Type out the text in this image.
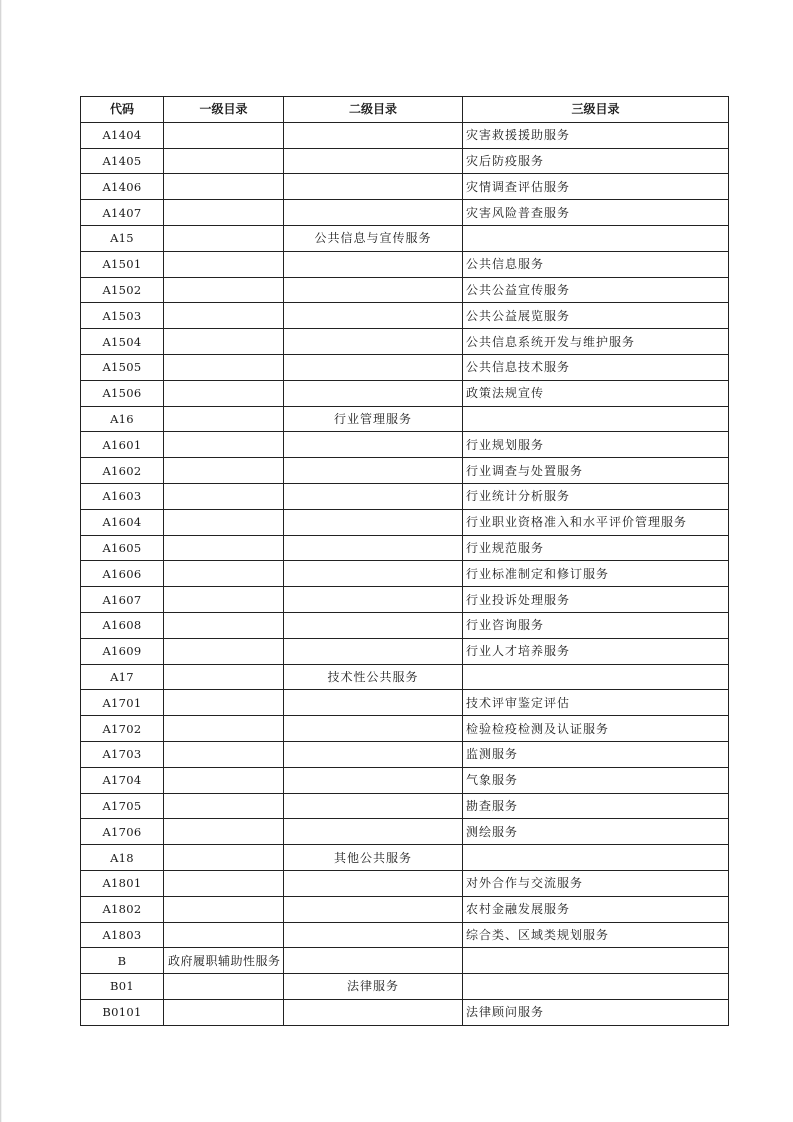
代码	一级目录	二级目录	三级目录
A1404			灾害救援援助服务
A1405			灾后防疫服务
A1406			灾情调查评估服务
A1407			灾害风险普查服务
A15		公共信息与宣传服务	
A1501			公共信息服务
A1502			公共公益宣传服务
A1503			公共公益展览服务
A1504			公共信息系统开发与维护服务
A1505			公共信息技术服务
A1506			政策法规宣传
A16		行业管理服务	
A1601			行业规划服务
A1602			行业调查与处置服务
A1603			行业统计分析服务
A1604			行业职业资格准入和水平评价管理服务
A1605			行业规范服务
A1606			行业标准制定和修订服务
A1607			行业投诉处理服务
A1608			行业咨询服务
A1609			行业人才培养服务
A17		技术性公共服务	
A1701			技术评审鉴定评估
A1702			检验检疫检测及认证服务
A1703			监测服务
A1704			气象服务
A1705			勘查服务
A1706			测绘服务
A18		其他公共服务	
A1801			对外合作与交流服务
A1802			农村金融发展服务
A1803			综合类、区域类规划服务
B	政府履职辅助性服务		
B01		法律服务	
B0101			法律顾问服务
